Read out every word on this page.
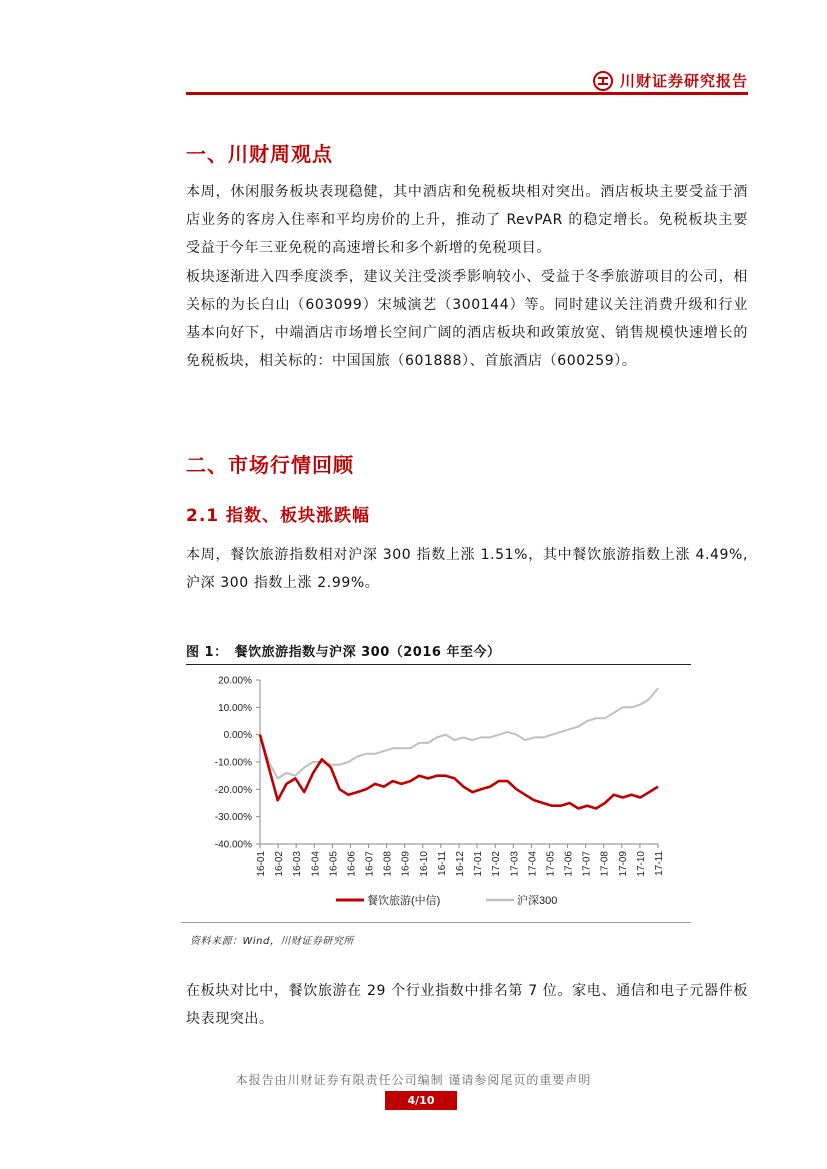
川财证券研究报告
一、川财周观点

本周，休闲服务板块表现稳健，其中酒店和免税板块相对突出。酒店板块主要受益于酒店业务的客房入住率和平均房价的上升，推动了 RevPAR 的稳定增长。免税板块主要受益于今年三亚免税的高速增长和多个新增的免税项目。

板块逐渐进入四季度淡季，建议关注受淡季影响较小、受益于冬季旅游项目的公司，相关标的为长白山（603099）宋城演艺（300144）等。同时建议关注消费升级和行业基本向好下，中端酒店市场增长空间广阔的酒店板块和政策放宽、销售规模快速增长的免税板块，相关标的：中国国旅（601888）、首旅酒店（600259）。

二、市场行情回顾
2.1 指数、板块涨跌幅

本周，餐饮旅游指数相对沪深 300 指数上涨 1.51%，其中餐饮旅游指数上涨 4.49%,沪深 300 指数上涨 2.99%。

图 1：　餐饮旅游指数与沪深 300（2016 年至今）
20.00%
10.00%
0.00%
-10.00%
-20.00%
-30.00%
-40.00%
16-01 16-02 16-03 16-04 16-05 16-06 16-07 16-08 16-09 16-10 16-11 16-12 17-01 17-02 17-03 17-04 17-05 17-06 17-07 17-08 17-09 17-10 17-11
餐饮旅游(中信)	沪深300
资料来源：Wind，川财证券研究所

在板块对比中，餐饮旅游在 29 个行业指数中排名第 7 位。家电、通信和电子元器件板块表现突出。

本报告由川财证券有限责任公司编制 谨请参阅尾页的重要声明
4/10
